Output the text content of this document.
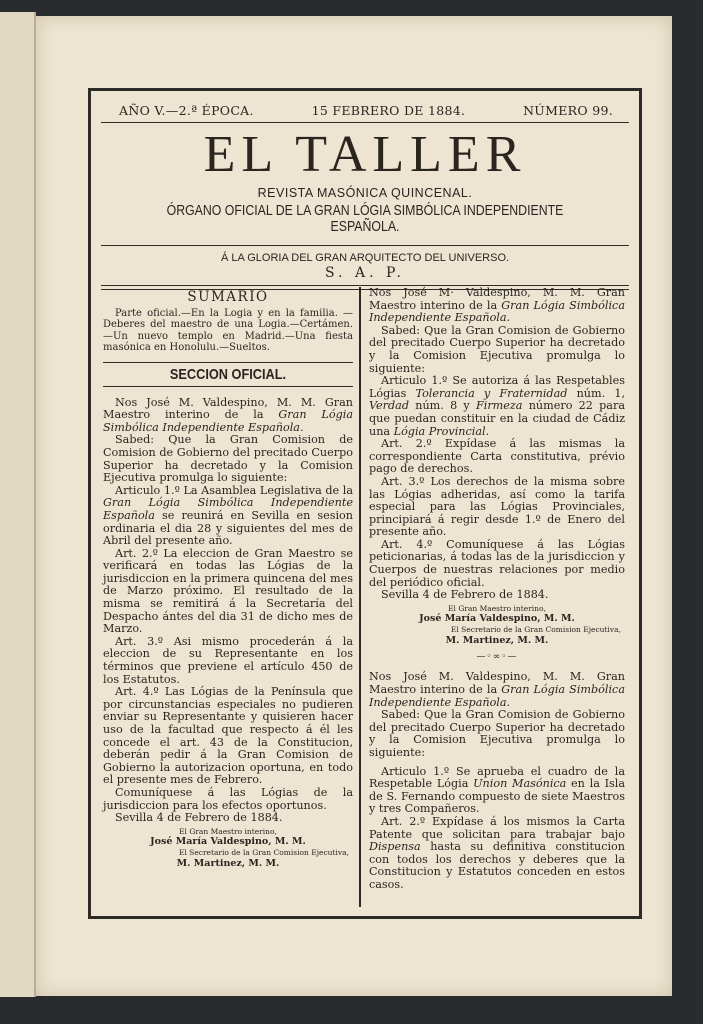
AÑO V.—2.ª ÉPOCA.	15 FEBRERO DE 1884.	NÚMERO 99.
EL TALLER
REVISTA MASÓNICA QUINCENAL.
ÓRGANO OFICIAL DE LA GRAN LÓGIA SIMBÓLICA INDEPENDIENTE ESPAÑOLA.
Á LA GLORIA DEL GRAN ARQUITECTO DEL UNIVERSO.
S. A. P.
SUMARIO

Parte oficial.—En la Logia y en la familia. —Deberes del maestro de una Logia.—Certámen.—Un nuevo templo en Madrid.—Una fiesta masónica en Honolulu.—Sueltos.

SECCION OFICIAL.

Nos José M. Valdespino, M. M. Gran Maestro interino de la Gran Lógia Simbólica Independiente Española.

Sabed: Que la Gran Comision de Comision de Gobierno del precitado Cuerpo Superior ha decretado y la Comision Ejecutiva promulga lo siguiente:

Articulo 1.º La Asamblea Legislativa de la Gran Lógia Simbólica Independiente Española se reunirá en Sevilla en sesion ordinaria el dia 28 y siguientes del mes de Abril del presente año.

Art. 2.º La eleccion de Gran Maestro se verificará en todas las Lógias de la jurisdiccion en la primera quincena del mes de Marzo próximo. El resultado de la misma se remitirá á la Secretaría del Despacho ántes del dia 31 de dicho mes de Marzo.

Art. 3.º Asi mismo procederán á la eleccion de su Representante en los términos que previene el artículo 450 de los Estatutos.

Art. 4.º Las Lógias de la Península que por circunstancias especiales no pudieren enviar su Representante y quisieren hacer uso de la facultad que respecto á él les concede el art. 43 de la Constitucion, deberán pedir á la Gran Comision de Gobierno la autorizacion oportuna, en todo el presente mes de Febrero.

Comuníquese á las Lógias de la jurisdiccion para los efectos oportunos.

Sevilla 4 de Febrero de 1884.

El Gran Maestro interino,
José María Valdespino, M. M.
El Secretario de la Gran Comision Ejecutiva,
M. Martinez, M. M.

Nos José M· Valdespino, M. M. Gran Maestro interino de la Gran Lógia Simbólica Independiente Española.

Sabed: Que la Gran Comision de Gobierno del precitado Cuerpo Superior ha decretado y la Comision Ejecutiva promulga lo siguiente:

Articulo 1.º Se autoriza á las Respetables Lógias Tolerancia y Fraternidad núm. 1, Verdad núm. 8 y Firmeza número 22 para que puedan constituir en la ciudad de Cádiz una Lógia Provincial.

Art. 2.º Expídase á las mismas la correspondiente Carta constitutiva, prévio pago de derechos.

Art. 3.º Los derechos de la misma sobre las Lógias adheridas, así como la tarifa especial para las Lógias Provinciales, principiará á regir desde 1.º de Enero del presente año.

Art. 4.º Comuníquese á las Lógias peticionarias, á todas las de la jurisdiccion y Cuerpos de nuestras relaciones por medio del periódico oficial.

Sevilla 4 de Febrero de 1884.

El Gran Maestro interino,
José María Valdespino, M. M.
El Secretario de la Gran Comision Ejecutiva,
M. Martinez, M. M.
—◦∞◦—

Nos José M. Valdespino, M. M. Gran Maestro interino de la Gran Lógia Simbólica Independiente Española.

Sabed: Que la Gran Comision de Gobierno del precitado Cuerpo Superior ha decretado y la Comision Ejecutiva promulga lo siguiente:

Articulo 1.º Se aprueba el cuadro de la Respetable Lógia Union Masónica en la Isla de S. Fernando compuesto de siete Maestros y tres Compañeros.

Art. 2.º Expídase á los mismos la Carta Patente que solicitan para trabajar bajo Dispensa hasta su definitiva constitucion con todos los derechos y deberes que la Constitucion y Estatutos conceden en estos casos.
